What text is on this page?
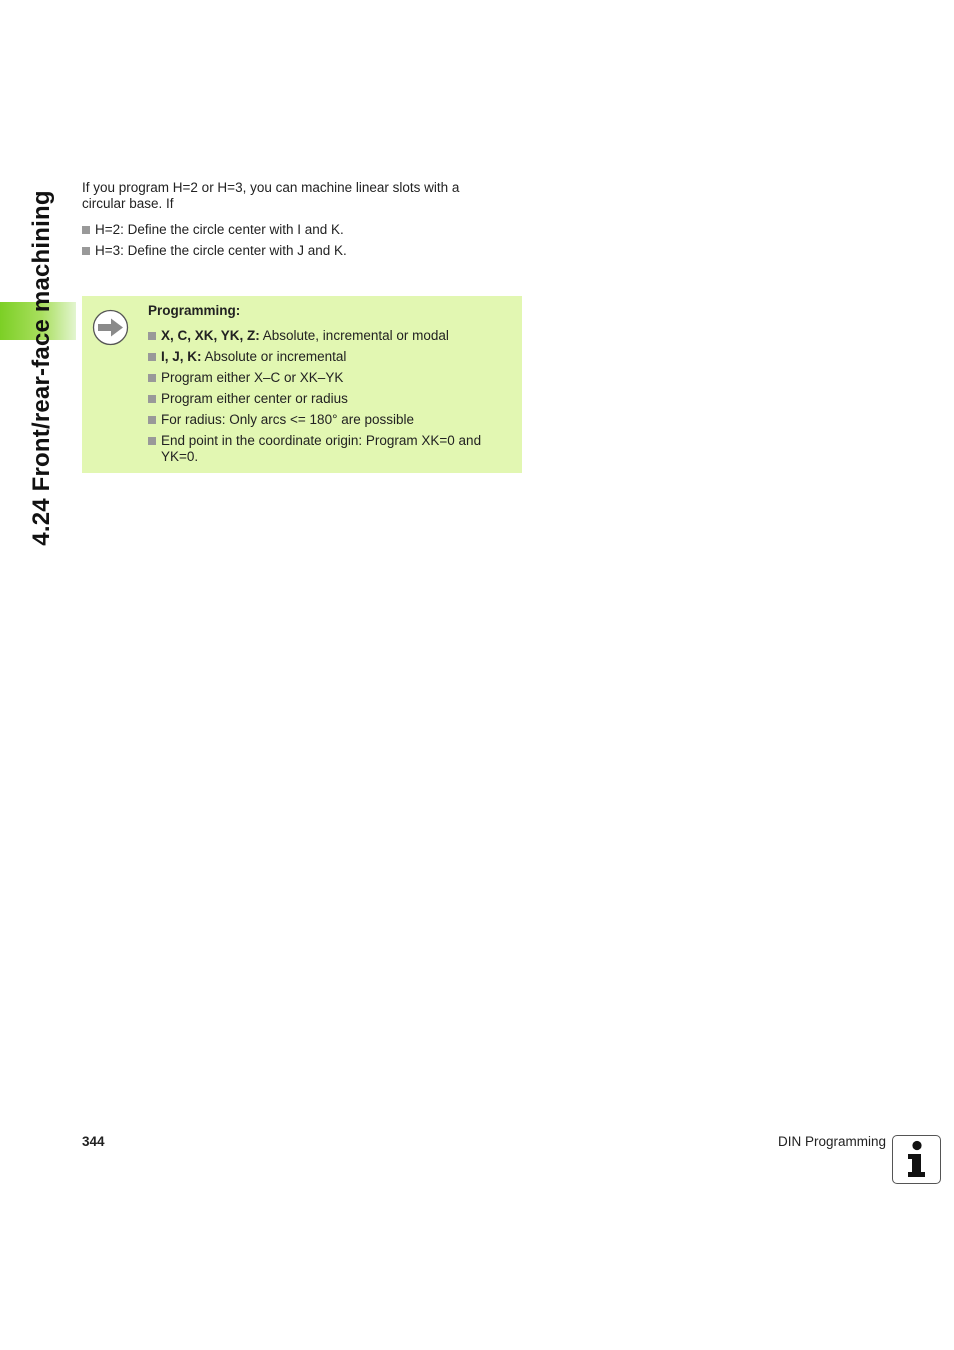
4.24 Front/rear-face machining
If you program H=2 or H=3, you can machine linear slots with a circular base. If
H=2: Define the circle center with I and K.
H=3: Define the circle center with J and K.
Programming:
X, C, XK, YK, Z: Absolute, incremental or modal
I, J, K: Absolute or incremental
Program either X–C or XK–YK
Program either center or radius
For radius: Only arcs <= 180° are possible
End point in the coordinate origin: Program XK=0 and YK=0.
344	DIN Programming
